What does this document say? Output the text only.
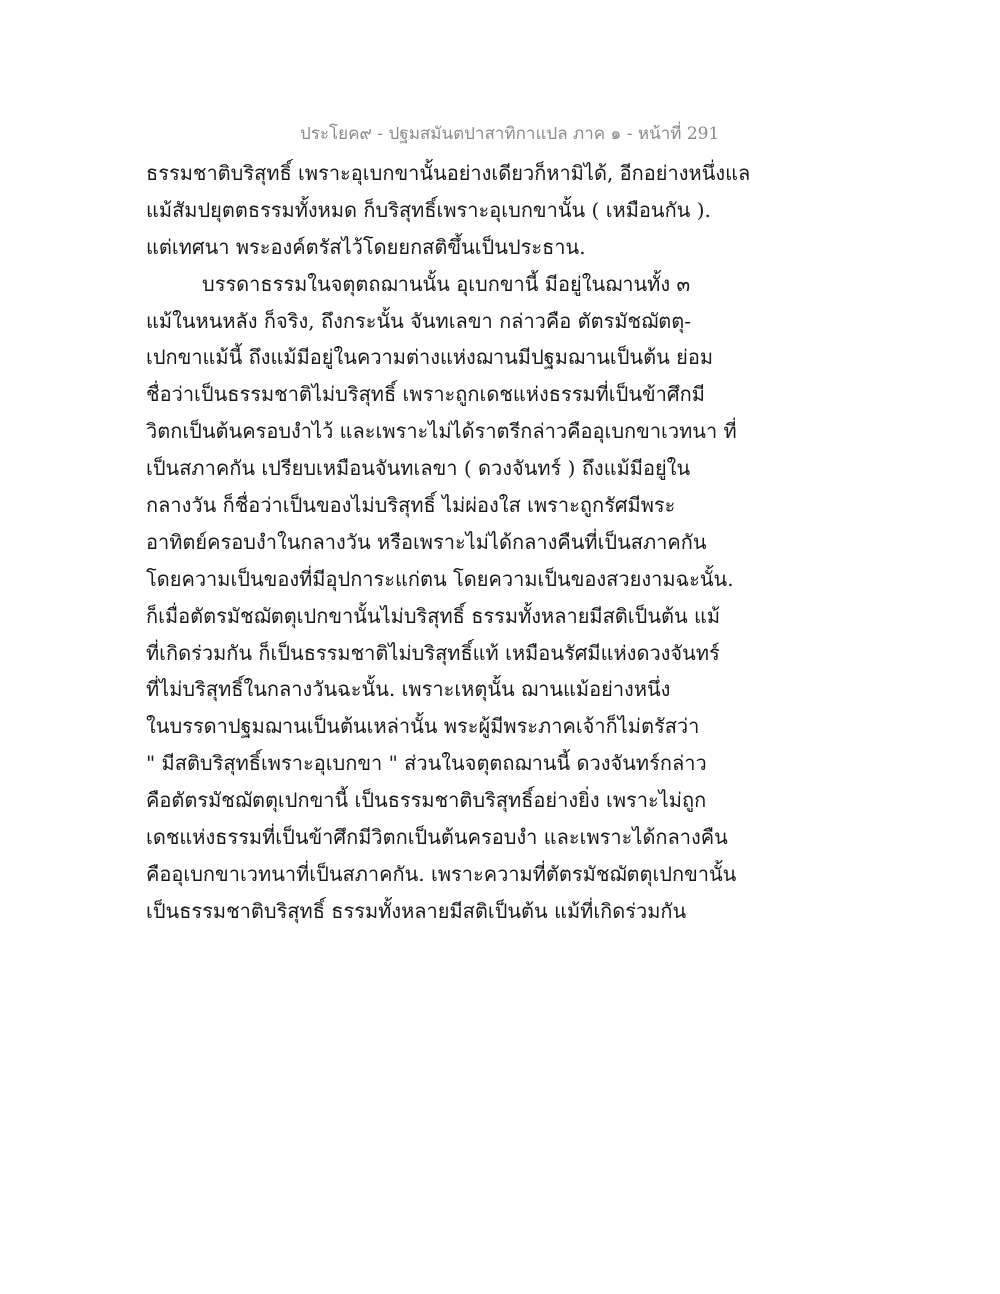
ประโยค๙ - ปฐมสมันตปาสาทิกาแปล ภาค ๑ - หน้าที่ 291
ธรรมชาติบริสุทธิ์ เพราะอุเบกขานั้นอย่างเดียวก็หามิได้, อีกอย่างหนึ่งแล
แม้สัมปยุตตธรรมทั้งหมด ก็บริสุทธิ์เพราะอุเบกขานั้น ( เหมือนกัน ).
แต่เทศนา พระองค์ตรัสไว้โดยยกสติขึ้นเป็นประธาน.
บรรดาธรรมในจตุตถฌานนั้น อุเบกขานี้ มีอยู่ในฌานทั้ง ๓
แม้ในหนหลัง ก็จริง, ถึงกระนั้น จันทเลขา กล่าวคือ ตัตรมัชฌัตตุ-
เปกขาแม้นี้ ถึงแม้มีอยู่ในความต่างแห่งฌานมีปฐมฌานเป็นต้น ย่อม
ชื่อว่าเป็นธรรมชาติไม่บริสุทธิ์ เพราะถูกเดชแห่งธรรมที่เป็นข้าศึกมี
วิตกเป็นต้นครอบงำไว้ และเพราะไม่ได้ราตรีกล่าวคืออุเบกขาเวทนา ที่
เป็นสภาคกัน เปรียบเหมือนจันทเลขา ( ดวงจันทร์ ) ถึงแม้มีอยู่ใน
กลางวัน ก็ชื่อว่าเป็นของไม่บริสุทธิ์ ไม่ผ่องใส เพราะถูกรัศมีพระ
อาทิตย์ครอบงำในกลางวัน หรือเพราะไม่ได้กลางคืนที่เป็นสภาคกัน
โดยความเป็นของที่มีอุปการะแก่ตน โดยความเป็นของสวยงามฉะนั้น.
ก็เมื่อตัตรมัชฌัตตุเปกขานั้นไม่บริสุทธิ์ ธรรมทั้งหลายมีสติเป็นต้น แม้
ที่เกิดร่วมกัน ก็เป็นธรรมชาติไม่บริสุทธิ์แท้ เหมือนรัศมีแห่งดวงจันทร์
ที่ไม่บริสุทธิ์ในกลางวันฉะนั้น. เพราะเหตุนั้น ฌานแม้อย่างหนึ่ง
ในบรรดาปฐมฌานเป็นต้นเหล่านั้น พระผู้มีพระภาคเจ้าก็ไม่ตรัสว่า
" มีสติบริสุทธิ์เพราะอุเบกขา " ส่วนในจตุตถฌานนี้ ดวงจันทร์กล่าว
คือตัตรมัชฌัตตุเปกขานี้ เป็นธรรมชาติบริสุทธิ์อย่างยิ่ง เพราะไม่ถูก
เดชแห่งธรรมที่เป็นข้าศึกมีวิตกเป็นต้นครอบงำ และเพราะได้กลางคืน
คืออุเบกขาเวทนาที่เป็นสภาคกัน. เพราะความที่ตัตรมัชฌัตตุเปกขานั้น
เป็นธรรมชาติบริสุทธิ์ ธรรมทั้งหลายมีสติเป็นต้น แม้ที่เกิดร่วมกัน
